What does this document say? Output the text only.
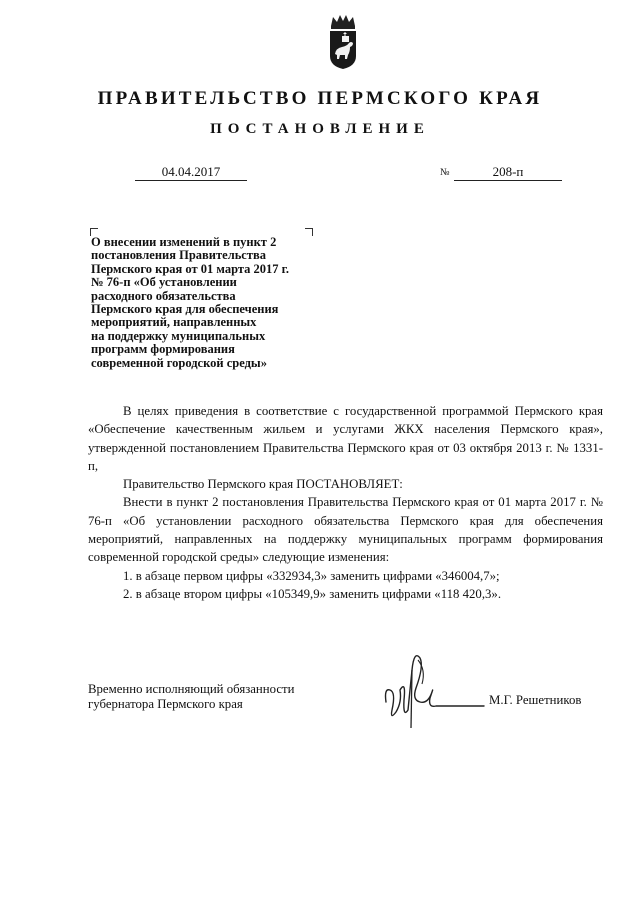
ПРАВИТЕЛЬСТВО ПЕРМСКОГО КРАЯ
ПОСТАНОВЛЕНИЕ
04.04.2017	№	208-п
О внесении изменений в пункт 2
постановления Правительства
Пермского края от 01 марта 2017 г.
№ 76-п «Об установлении
расходного обязательства
Пермского края для обеспечения
мероприятий, направленных
на поддержку муниципальных
программ формирования
современной городской среды»

В целях приведения в соответствие с государственной программой Пермского края «Обеспечение качественным жильем и услугами ЖКХ населения Пермского края», утвержденной постановлением Правительства Пермского края от 03 октября 2013 г. № 1331-п,

Правительство Пермского края ПОСТАНОВЛЯЕТ:

Внести в пункт 2 постановления Правительства Пермского края от 01 марта 2017 г. № 76-п «Об установлении расходного обязательства Пермского края для обеспечения мероприятий, направленных на поддержку муниципальных программ формирования современной городской среды» следующие изменения:

1. в абзаце первом цифры «332934,3» заменить цифрами «346004,7»;

2. в абзаце втором цифры «105349,9» заменить цифрами «118 420,3».

Временно исполняющий обязанности
губернатора Пермского края	М.Г. Решетников
